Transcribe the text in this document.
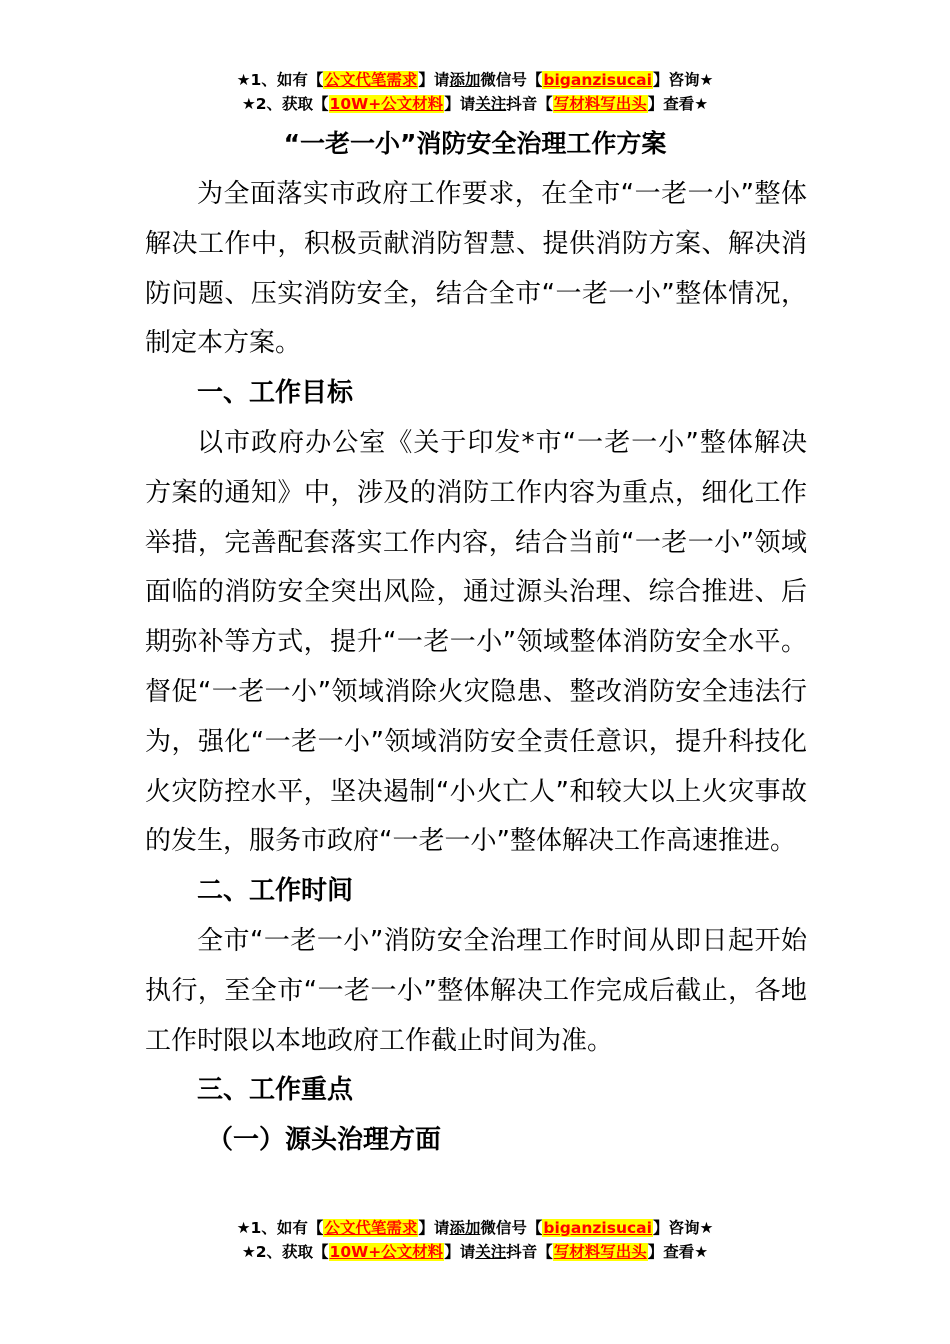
★1、如有【公文代笔需求】请添加微信号【biganzisucai】咨询★
★2、获取【10W+公文材料】请关注抖音【写材料写出头】查看★
“一老一小”消防安全治理工作方案

为全面落实市政府工作要求，在全市“一老一小”整体解决工作中，积极贡献消防智慧、提供消防方案、解决消防问题、压实消防安全，结合全市“一老一小”整体情况，制定本方案。

一、工作目标

以市政府办公室《关于印发*市“一老一小”整体解决方案的通知》中，涉及的消防工作内容为重点，细化工作举措，完善配套落实工作内容，结合当前“一老一小”领域面临的消防安全突出风险，通过源头治理、综合推进、后期弥补等方式，提升“一老一小”领域整体消防安全水平。督促“一老一小”领域消除火灾隐患、整改消防安全违法行为，强化“一老一小”领域消防安全责任意识，提升科技化火灾防控水平，坚决遏制“小火亡人”和较大以上火灾事故的发生，服务市政府“一老一小”整体解决工作高速推进。

二、工作时间

全市“一老一小”消防安全治理工作时间从即日起开始执行，至全市“一老一小”整体解决工作完成后截止，各地工作时限以本地政府工作截止时间为准。

三、工作重点

（一）源头治理方面

★1、如有【公文代笔需求】请添加微信号【biganzisucai】咨询★
★2、获取【10W+公文材料】请关注抖音【写材料写出头】查看★
